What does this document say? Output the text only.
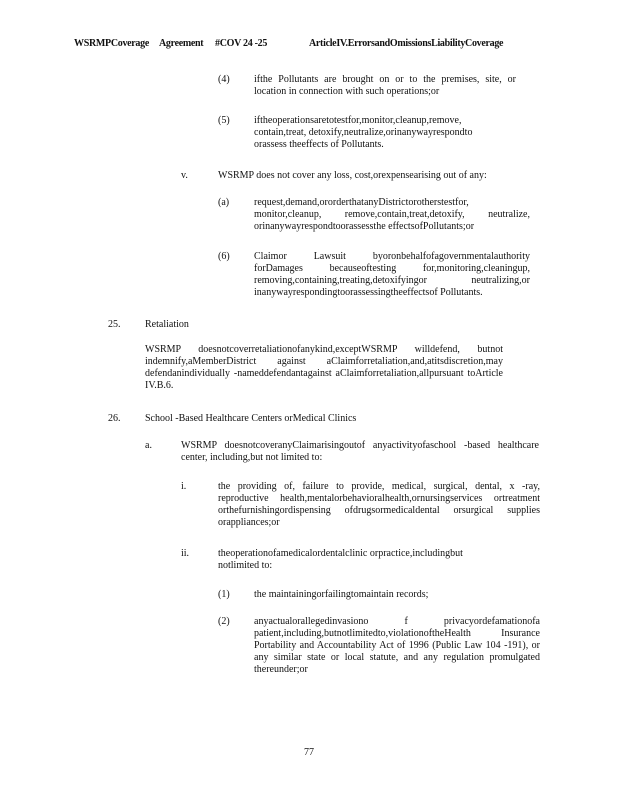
WSRMPCoverage Agreement #COV 24 -25	ArticleIV.ErrorsandOmissionsLiabilityCoverage
(4) ifthe Pollutants are brought on or to the premises, site, or location in connection with such operations;or
(5) iftheoperationsaretotestfor,monitor,cleanup,remove, contain,treat, detoxify,neutralize,orinanywayrespondto orassess theeffects of Pollutants.
v.	WSRMP does not cover any loss, cost,orexpensearising out of any:
(a) request,demand,ororderthatanyDistrictorotherstestfor, monitor,cleanup, remove,contain,treat,detoxify, neutralize, orinanywayrespondtoorassessthe effectsofPollutants;or
(6) Claimor Lawsuit byoronbehalfofagovernmentalauthority forDamages becauseoftesting for,monitoring,cleaningup, removing,containing,treating,detoxifyingor neutralizing,or inanywayrespondingtoorassessingtheeffectsof Pollutants.
25. Retaliation
WSRMP doesnotcoverretaliationofanykind,exceptWSRMP willdefend, butnot indemnify,aMemberDistrict against aClaimforretaliation,and,atitsdiscretion,may defendanindividually -nameddefendantagainst aClaimforretaliation,allpursuant toArticle IV.B.6.
26. School -Based Healthcare Centers orMedical Clinics
a.	WSRMP doesnotcoveranyClaimarisingoutof anyactivityofaschool -based healthcare center, including,but not limited to:
i.	the providing of, failure to provide, medical, surgical, dental, x -ray, reproductive health,mentalorbehavioralhealth,ornursingservices ortreatment orthefurnishingordispensing ofdrugsormedicaldental orsurgical supplies orappliances;or
ii.	theoperationofamedicalordentalclinic orpractice,includingbut notlimited to:
(1) the maintainingorfailingtomaintain records;
(2) anyactualorallegedinvasiono f privacyordefamationofa patient,including,butnotlimitedto,violationoftheHealth Insurance Portability and Accountability Act of 1996 (Public Law 104 -191), or any similar state or local statute, and any regulation promulgated thereunder;or
77
